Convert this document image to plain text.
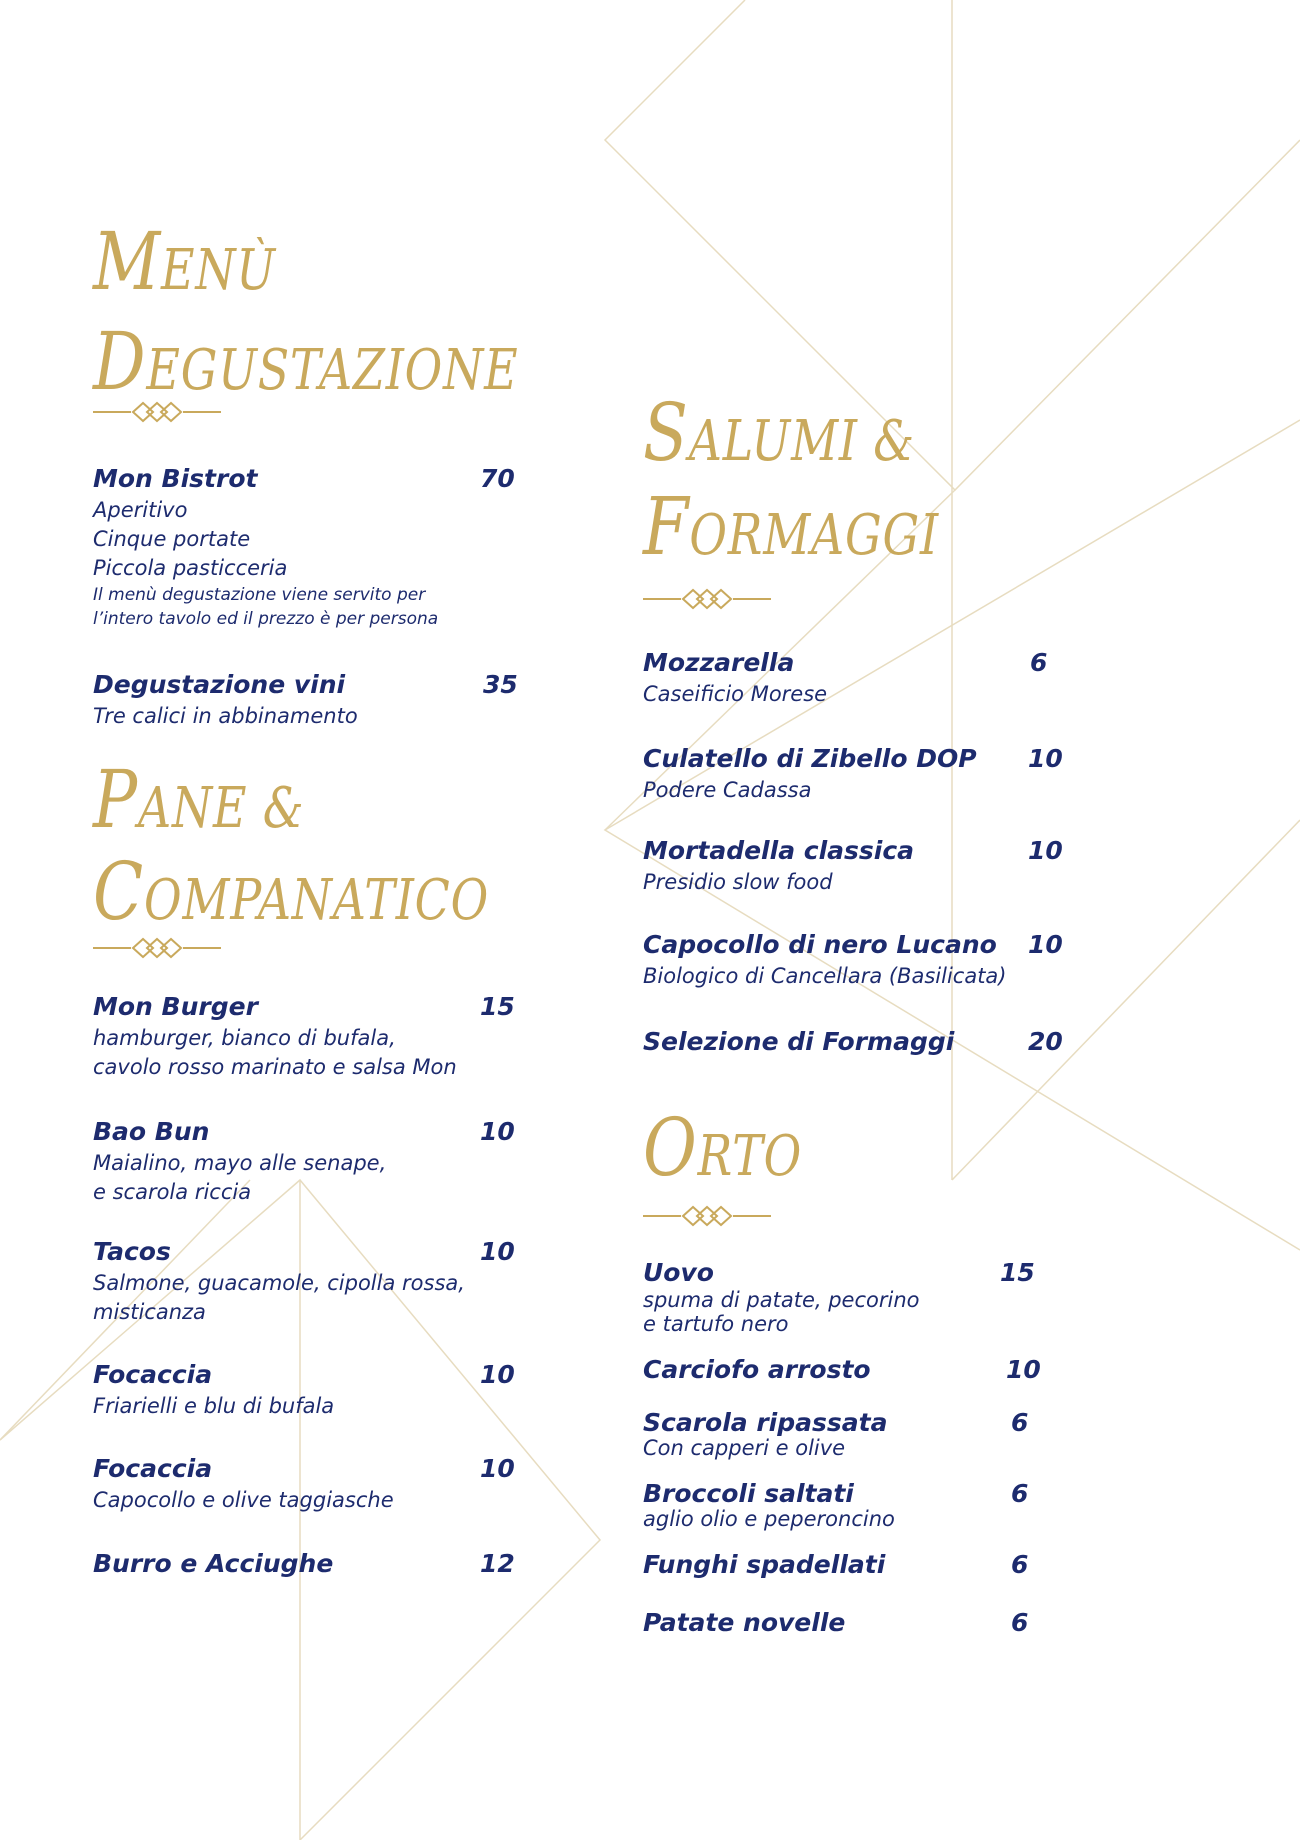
MENÙ
DEGUSTAZIONE
Mon Bistrot	70
Aperitivo
Cinque portate
Piccola pasticceria
Il menù degustazione viene servito per
l’intero tavolo ed il prezzo è per persona
Degustazione vini	35
Tre calici in abbinamento
PANE &
COMPANATICO
Mon Burger	15
hamburger, bianco di bufala,
cavolo rosso marinato e salsa Mon
Bao Bun	10
Maialino, mayo alle senape,
e scarola riccia
Tacos	10
Salmone, guacamole, cipolla rossa,
misticanza
Focaccia	10
Friarielli e blu di bufala
Focaccia	10
Capocollo e olive taggiasche
Burro e Acciughe	12
SALUMI &
FORMAGGI
Mozzarella	6
Caseificio Morese
Culatello di Zibello DOP 10
Podere Cadassa
Mortadella classica	10
Presidio slow food
Capocollo di nero Lucano 10
Biologico di Cancellara (Basilicata)
Selezione di Formaggi	20
ORTO
Uovo	15
spuma di patate, pecorino
e tartufo nero
Carciofo arrosto	10
Scarola ripassata	6
Con capperi e olive
Broccoli saltati	6
aglio olio e peperoncino
Funghi spadellati	6
Patate novelle	6
